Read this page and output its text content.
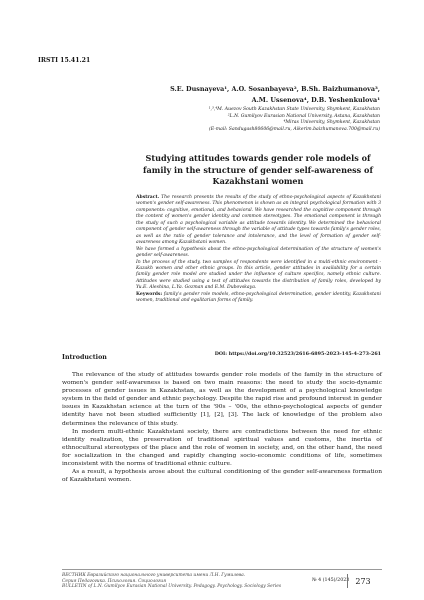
IRSTI 15.41.21
S.E. Dusnayeva¹, A.O. Sosanbayeva², B.Sh. Baizhumanova³,
A.M. Ussenova⁴, D.B. Yeshenkulova¹
¹,³,⁴M. Auezov South Kazakhstan State University, Shymkent, Kazakhstan
²L.N. Gumilyov Eurasian National University, Astana, Kazakhstan
⁴Miras University, Shymkent, Kazakhstan
(E-mail: Sandugash80606@mail.ru, Aikerim.baizhumanova.700@mail.ru)
Studying attitudes towards gender role models of family in the structure of gender self-awareness of Kazakhstani women

Abstract. The research presents the results of the study of ethno-psychological aspects of Kazakhstani women's gender self-awareness. This phenomenon is shown as an integral psychological formation with 3 components: cognitive, emotional, and behavioral. We have researched the cognitive component through the content of women's gender identity and common stereotypes. The emotional component is through the study of such a psychological variable as attitude towards identity. We determined the behavioral component of gender self-awareness through the variable of attitude types towards family's gender roles, as well as the ratio of gender tolerance and intolerance, and the level of formation of gender self-awareness among Kazakhstani women.

We have formed a hypothesis about the ethno-psychological determination of the structure of women's gender self-awareness.

In the process of the study, two samples of respondents were identified in a multi-ethnic environment - Kazakh women and other ethnic groups. In this article, gender attitudes in availability for a certain family gender role model are studied under the influence of culture specifics, namely ethnic culture. Attitudes were studied using a test of attitudes towards the distribution of family roles, developed by Yu.E. Aleshina, L.Ya. Gozman and E.M. Dubovskaya.

Keywords: family's gender role models, ethno-psychological determination, gender identity, Kazakhstani women, traditional and egalitarian forms of family.

DOI: https://doi.org/10.32523/2616-6895-2023-145-4-273-261
Introduction

The relevance of the study of attitudes towards gender role models of the family in the structure of women's gender self-awareness is based on two main reasons: the need to study the socio-dynamic processes of gender issues in Kazakhstan, as well as the development of a psychological knowledge system in the field of gender and ethnic psychology. Despite the rapid rise and profound interest in gender issues in Kazakhstan science at the turn of the '90s – '00s, the ethno-psychological aspects of gender identity have not been studied sufficiently [1], [2], [3]. The lack of knowledge of the problem also determines the relevance of this study.

In modern multi-ethnic Kazakhstani society, there are contradictions between the need for ethnic identity realization, the preservation of traditional spiritual values and customs, the inertia of ethnocultural stereotypes of the place and the role of women in society, and, on the other hand, the need for socialization in the changed and rapidly changing socio-economic conditions of life, sometimes inconsistent with the norms of traditional ethnic culture.

As a result, a hypothesis arose about the cultural conditioning of the gender self-awareness formation of Kazakhstani women.

ВЕСТНИК Евразийского национального университета имени Л.Н. Гумилева.
Серия Педагогика. Психология. Социология
BULLETIN of L.N. Gumilyov Eurasian National University. Pedagogy. Psychology. Sociology Series
№ 4 (145)/2023 273
